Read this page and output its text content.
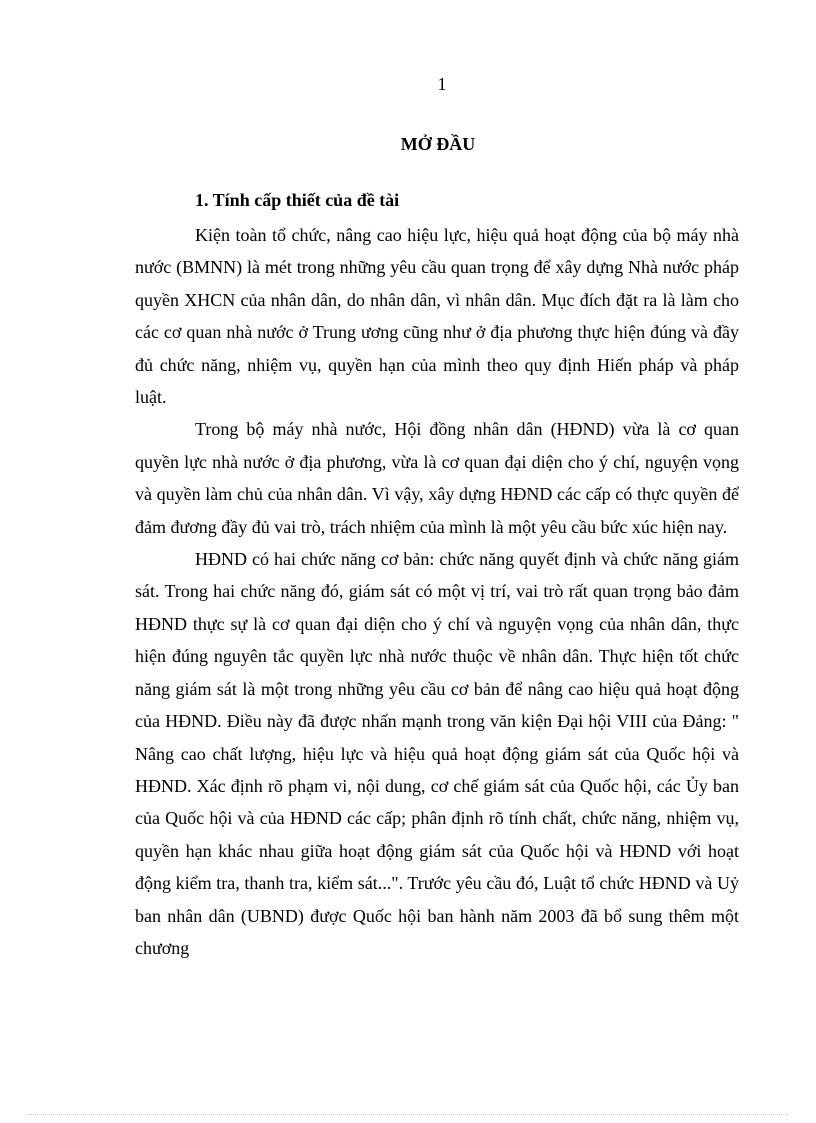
1
MỞ ĐẦU
1. Tính cấp thiết của đề tài

Kiện toàn tổ chức, nâng cao hiệu lực, hiệu quả hoạt động của bộ máy nhà nước (BMNN) là mét trong những yêu cầu quan trọng để xây dựng Nhà nước pháp quyền XHCN của nhân dân, do nhân dân, vì nhân dân. Mục đích đặt ra là làm cho các cơ quan nhà nước ở Trung ương cũng như ở địa phương thực hiện đúng và đầy đủ chức năng, nhiệm vụ, quyền hạn của mình theo quy định Hiến pháp và pháp luật.

Trong bộ máy nhà nước, Hội đồng nhân dân (HĐND) vừa là cơ quan quyền lực nhà nước ở địa phương, vừa là cơ quan đại diện cho ý chí, nguyện vọng và quyền làm chủ của nhân dân. Vì vậy, xây dựng HĐND các cấp có thực quyền để đảm đương đầy đủ vai trò, trách nhiệm của mình là một yêu cầu bức xúc hiện nay.

HĐND có hai chức năng cơ bản: chức năng quyết định và chức năng giám sát. Trong hai chức năng đó, giám sát có một vị trí, vai trò rất quan trọng bảo đảm HĐND thực sự là cơ quan đại diện cho ý chí và nguyện vọng của nhân dân, thực hiện đúng nguyên tắc quyền lực nhà nước thuộc về nhân dân. Thực hiện tốt chức năng giám sát là một trong những yêu cầu cơ bản để nâng cao hiệu quả hoạt động của HĐND. Điều này đã được nhấn mạnh trong văn kiện Đại hội VIII của Đảng: " Nâng cao chất lượng, hiệu lực và hiệu quả hoạt động giám sát của Quốc hội và HĐND. Xác định rõ phạm vi, nội dung, cơ chế giám sát của Quốc hội, các Ủy ban của Quốc hội và của HĐND các cấp; phân định rõ tính chất, chức năng, nhiệm vụ, quyền hạn khác nhau giữa hoạt động giám sát của Quốc hội và HĐND với hoạt động kiểm tra, thanh tra, kiểm sát...". Trước yêu cầu đó, Luật tổ chức HĐND và Uỷ ban nhân dân (UBND) được Quốc hội ban hành năm 2003 đã bổ sung thêm một chương
